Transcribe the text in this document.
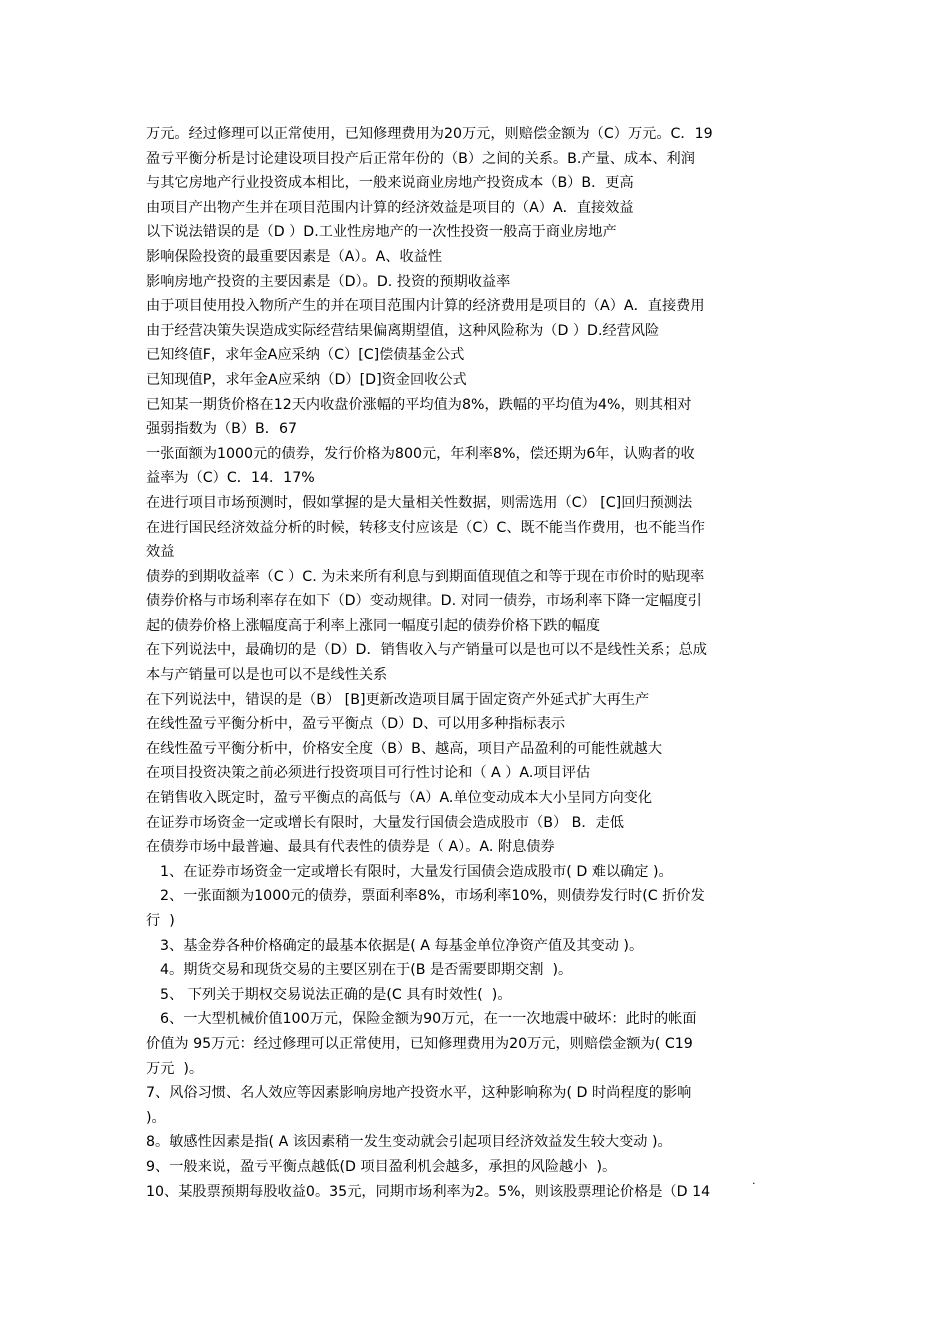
万元。经过修理可以正常使用，已知修理费用为20万元，则赔偿金额为（C）万元。C．19
盈亏平衡分析是讨论建设项目投产后正常年份的（B）之间的关系。B.产量、成本、利润
与其它房地产行业投资成本相比，一般来说商业房地产投资成本（B）B．更高
由项目产出物产生并在项目范围内计算的经济效益是项目的（A）A．直接效益
以下说法错误的是（D ）D.工业性房地产的一次性投资一般高于商业房地产
影响保险投资的最重要因素是（A）。A、收益性
影响房地产投资的主要因素是（D）。D. 投资的预期收益率
由于项目使用投入物所产生的并在项目范围内计算的经济费用是项目的（A）A．直接费用
由于经营决策失误造成实际经营结果偏离期望值，这种风险称为（D ）D.经营风险
已知终值F，求年金A应采纳（C）[C]偿债基金公式
已知现值P，求年金A应采纳（D）[D]资金回收公式
已知某一期货价格在12天内收盘价涨幅的平均值为8%，跌幅的平均值为4%，则其相对
强弱指数为（B）B．67
一张面额为1000元的债券，发行价格为800元，年利率8%，偿还期为6年，认购者的收
益率为（C）C．14．17%
在进行项目市场预测时，假如掌握的是大量相关性数据，则需选用（C） [C]回归预测法
在进行国民经济效益分析的时候，转移支付应该是（C）C、既不能当作费用，也不能当作
效益
债券的到期收益率（C ）C. 为未来所有利息与到期面值现值之和等于现在市价时的贴现率
债券价格与市场利率存在如下（D）变动规律。D. 对同一债券，市场利率下降一定幅度引
起的债券价格上涨幅度高于利率上涨同一幅度引起的债券价格下跌的幅度
在下列说法中，最确切的是（D）D．销售收入与产销量可以是也可以不是线性关系；总成
本与产销量可以是也可以不是线性关系
在下列说法中，错误的是（B） [B]更新改造项目属于固定资产外延式扩大再生产
在线性盈亏平衡分析中，盈亏平衡点（D）D、可以用多种指标表示
在线性盈亏平衡分析中，价格安全度（B）B、越高，项目产品盈利的可能性就越大
在项目投资决策之前必须进行投资项目可行性讨论和（ A ）A.项目评估
在销售收入既定时，盈亏平衡点的高低与（A）A.单位变动成本大小呈同方向变化
在证券市场资金一定或增长有限时，大量发行国债会造成股市（B） B．走低
在债券市场中最普遍、最具有代表性的债券是（ A）。A. 附息债券
1、在证券市场资金一定或增长有限时，大量发行国债会造成股市( D 难以确定 )。
2、一张面额为1000元的债券，票面利率8%，市场利率10%，则债券发行时(C 折价发
行  )
3、基金券各种价格确定的最基本依据是( A 每基金单位净资产值及其变动 )。
4。期货交易和现货交易的主要区别在于(B 是否需要即期交割  )。
5、 下列关于期权交易说法正确的是(C 具有时效性(  )。
6、一大型机械价值100万元，保险金额为90万元，在一一次地震中破坏：此时的帐面
价值为 95万元：经过修理可以正常使用，已知修理费用为20万元，则赔偿金额为( C19
万元  )。
7、风俗习惯、名人效应等因素影响房地产投资水平，这种影响称为( D 时尚程度的影响
)。
8。敏感性因素是指( A 该因素稍一发生变动就会引起项目经济效益发生较大变动 )。
9、一般来说，盈亏平衡点越低(D 项目盈利机会越多，承担的风险越小  )。
10、某股票预期每股收益0。35元，同期市场利率为2。5%，则该股票理论价格是（D 14
·
